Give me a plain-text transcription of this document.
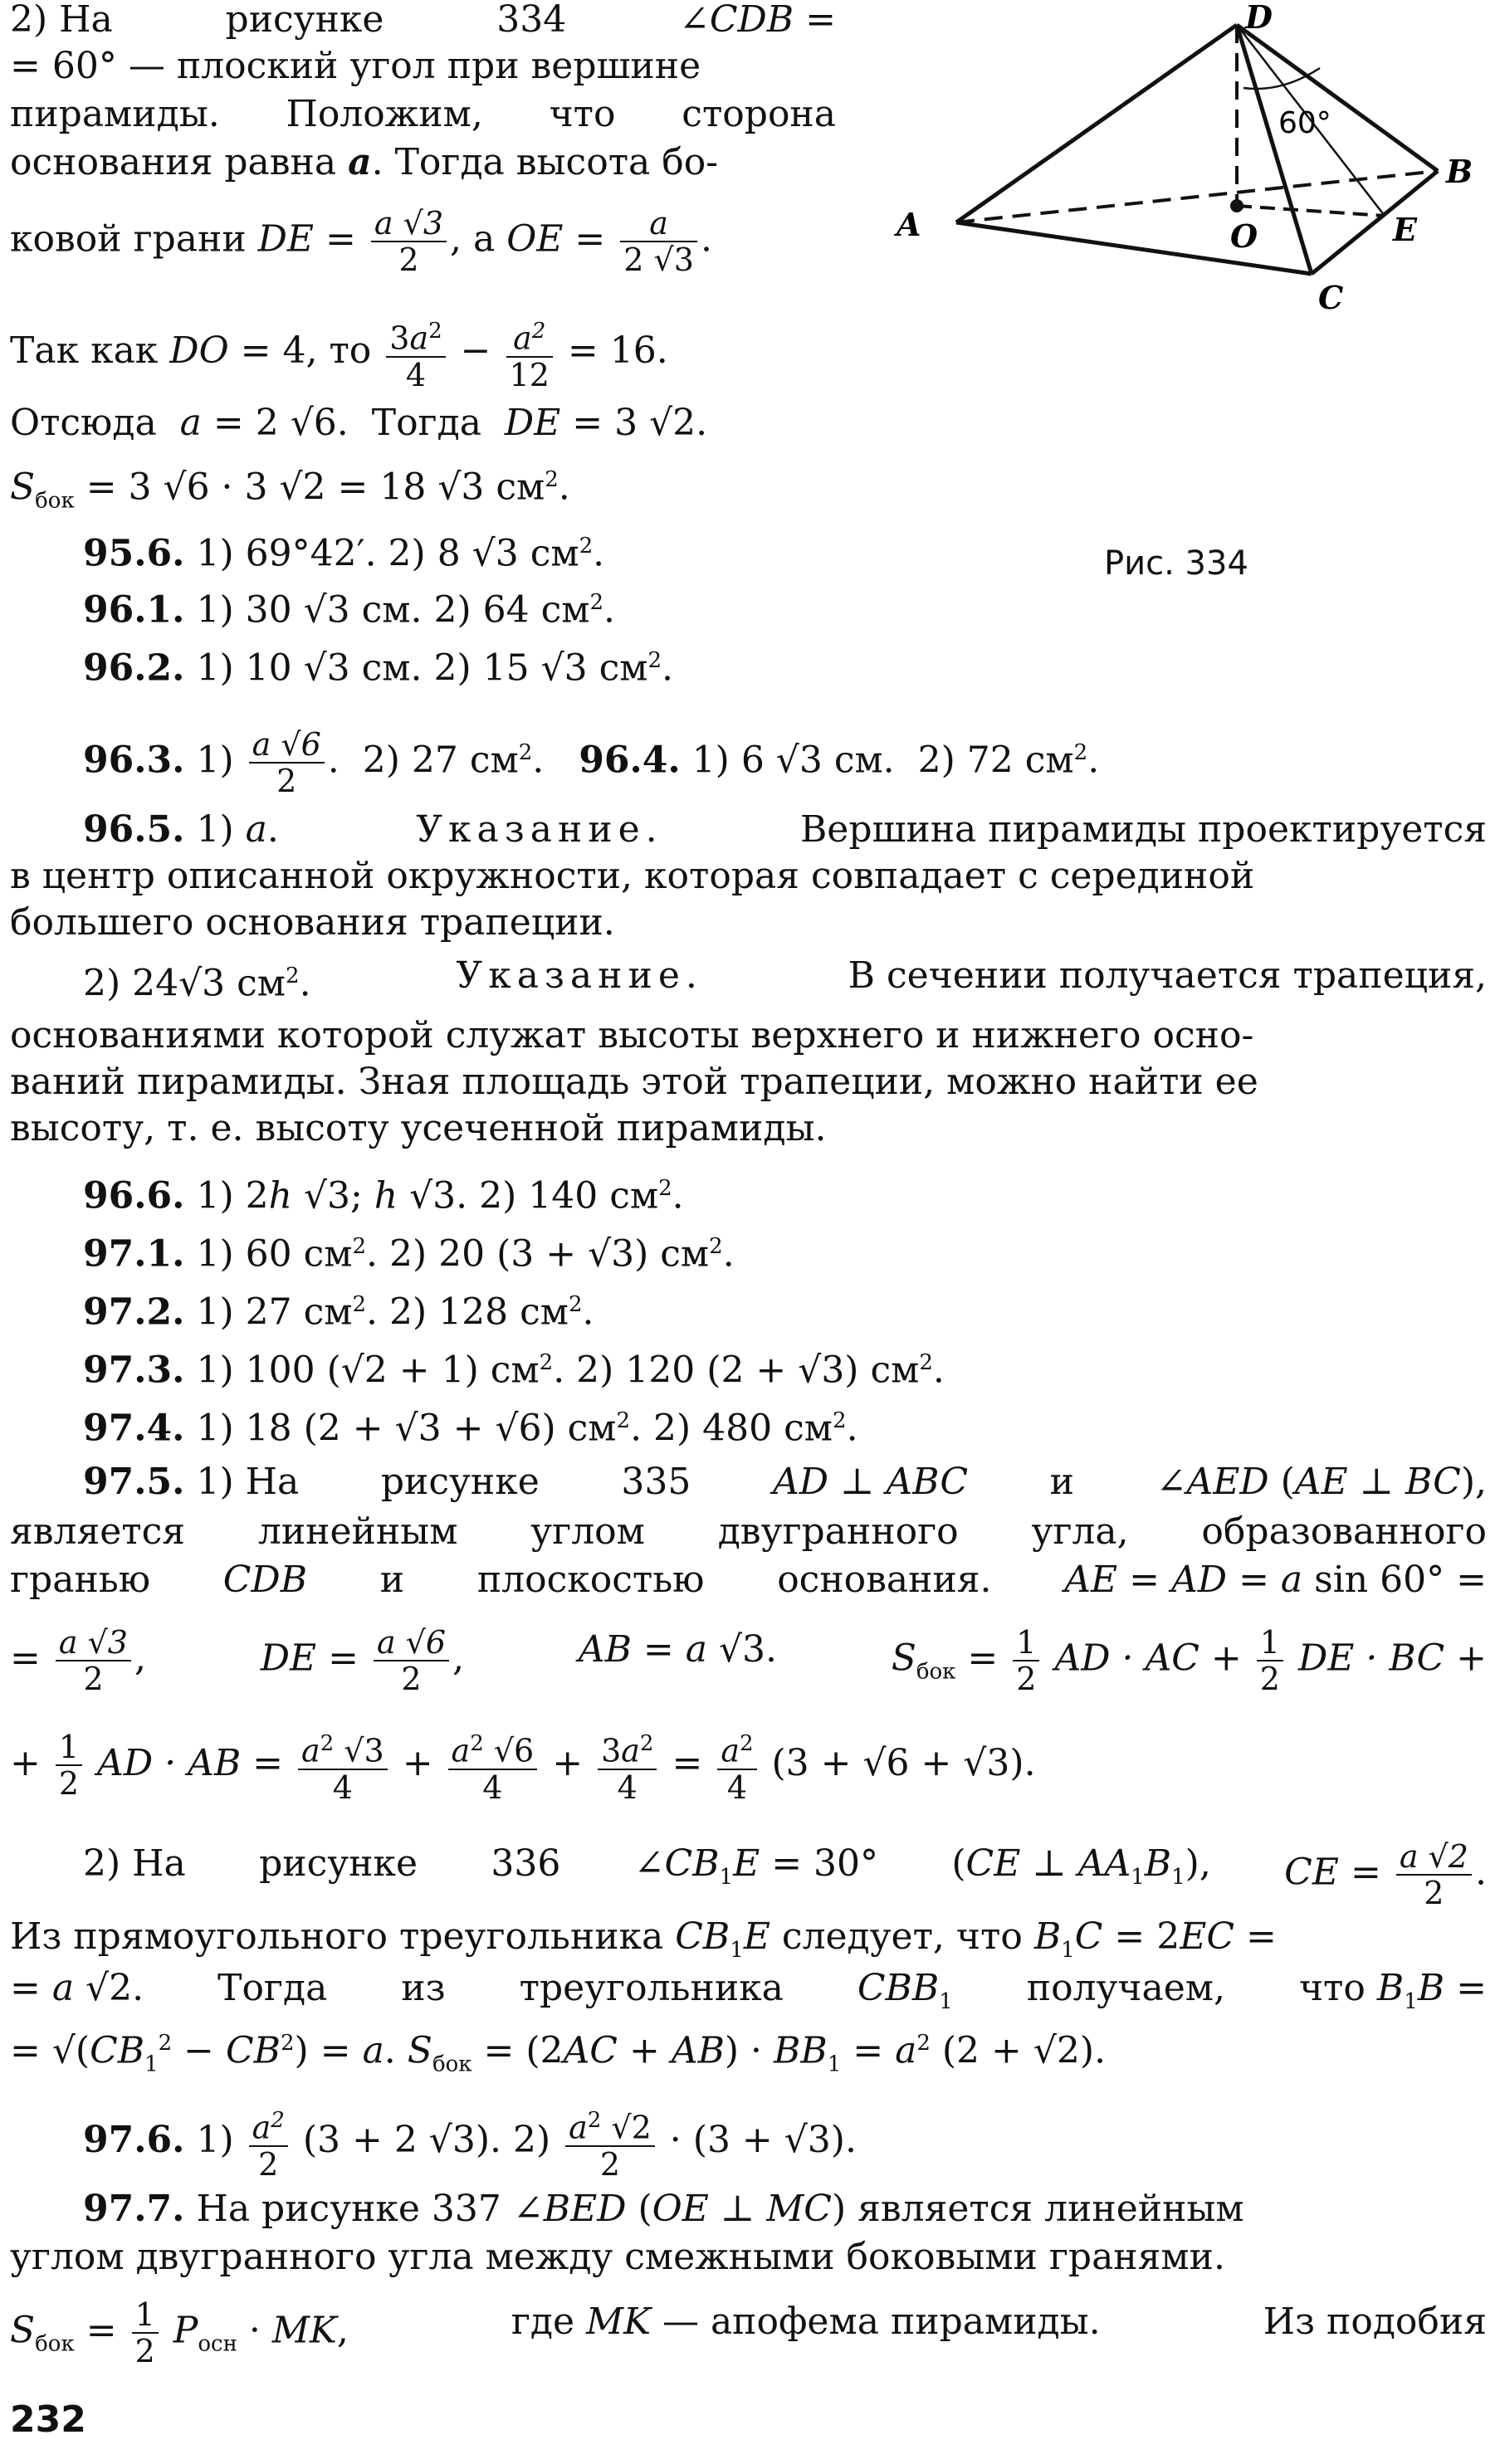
D
A
B
C
O	E
60°
Рис. 334
2) На	рисунке	334	∠CDB =
= 60° — плоский угол при вершине
пирамиды. Положим, что сторона
основания равна a. Тогда высота бо-
ковой грани DE = $\frac{a √3}{2}$ , а OE = $\frac{a}{2 √3}$ .
Так как DO = 4, то $\frac{3a^2}{4} - \frac{a^2}{12} = 16$.
Отсюда  a = 2 √6.  Тогда  DE = 3 √2.
$S_{бок} = 3$ √6 · 3 √2 = 18 √3 $см^2$.
95.6. 1) 69°42′. 2) 8 √3 $см^2$.
96.1. 1) 30 √3 см. 2) 64 $см^2$.
96.2. 1) 10 √3 см. 2) 15 √3 $см^2$.
96.3. $1) \frac{a √6}{2}$ .  2) 27 $см^2$.   96.4. 1) 6 √3 см.  2) 72 $см^2$.
96.5. 1) a.	Указание.	Вершина пирамиды проектируется
в центр описанной окружности, которая совпадает с серединой
большего основания трапеции.
2) 24√3 $см^2$.	Указание.	В сечении получается трапеция,
основаниями которой служат высоты верхнего и нижнего осно-
ваний пирамиды. Зная площадь этой трапеции, можно найти ее
высоту, т. е. высоту усеченной пирамиды.
96.6. 1) 2h √3; h √3. 2) 140 $см^2$.
97.1. 1) 60 $см^2$. 2) 20 (3 + √3) $см^2$.
97.2. 1) 27 $см^2$. 2) 128 $см^2$.
97.3. 1) 100 (√2 + 1) $см^2$. 2) 120 (2 + √3) $см^2$.
97.4. 1) 18 (2 + √3 + √6) $см^2$. 2) 480 $см^2$.
97.5. 1) На рисунке 335 AD ⊥ ABC и ∠AED (AE ⊥ BC),
является линейным углом двугранного угла, образованного
гранью CDB и плоскостью основания. AE = AD = a sin 60° =
= $\frac{a √3}{2}$ ,	DE = $\frac{a √6}{2}$ ,	AB = a √3.	$S_{бок} = \frac{1}{2}$ AD · AC + $\frac{1}{2}$ DE · BC +
+ $\frac{1}{2}$ AD · AB = $\frac{a^2 √3}{4} + \frac{a^2 √6}{4} + \frac{3a^2}{4} = \frac{a^2}{4} (3 + √6 + √3)$.
2) На рисунке 336 $\angle CB_1E = 30^\circ$ (CE ⊥ $AA_1B_1$), CE = $\frac{a √2}{2}$ .
Из прямоугольного треугольника $CB_1E$ следует, что $B_1C = 2EC$ =
= a √2. Тогда из треугольника $CBB_1$ получаем, что $B_1B$ =
= $√(CB_1^2 - CB^2) = a$. $S_{бок} = (2AC + AB) \cdot BB_1 = a^2$ (2 + √2).
97.6. $1) \frac{a^2}{2} (3 + 2$ √3). $2) \frac{a^2 √2}{2} \cdot (3 + √3)$.
97.7. На рисунке 337 ∠BED (OE ⊥ MC) является линейным
углом двугранного угла между смежными боковыми гранями.
$S_{бок} = \frac{1}{2} P_{осн}$ · MK,	где MK — апофема пирамиды.	Из подобия
232
